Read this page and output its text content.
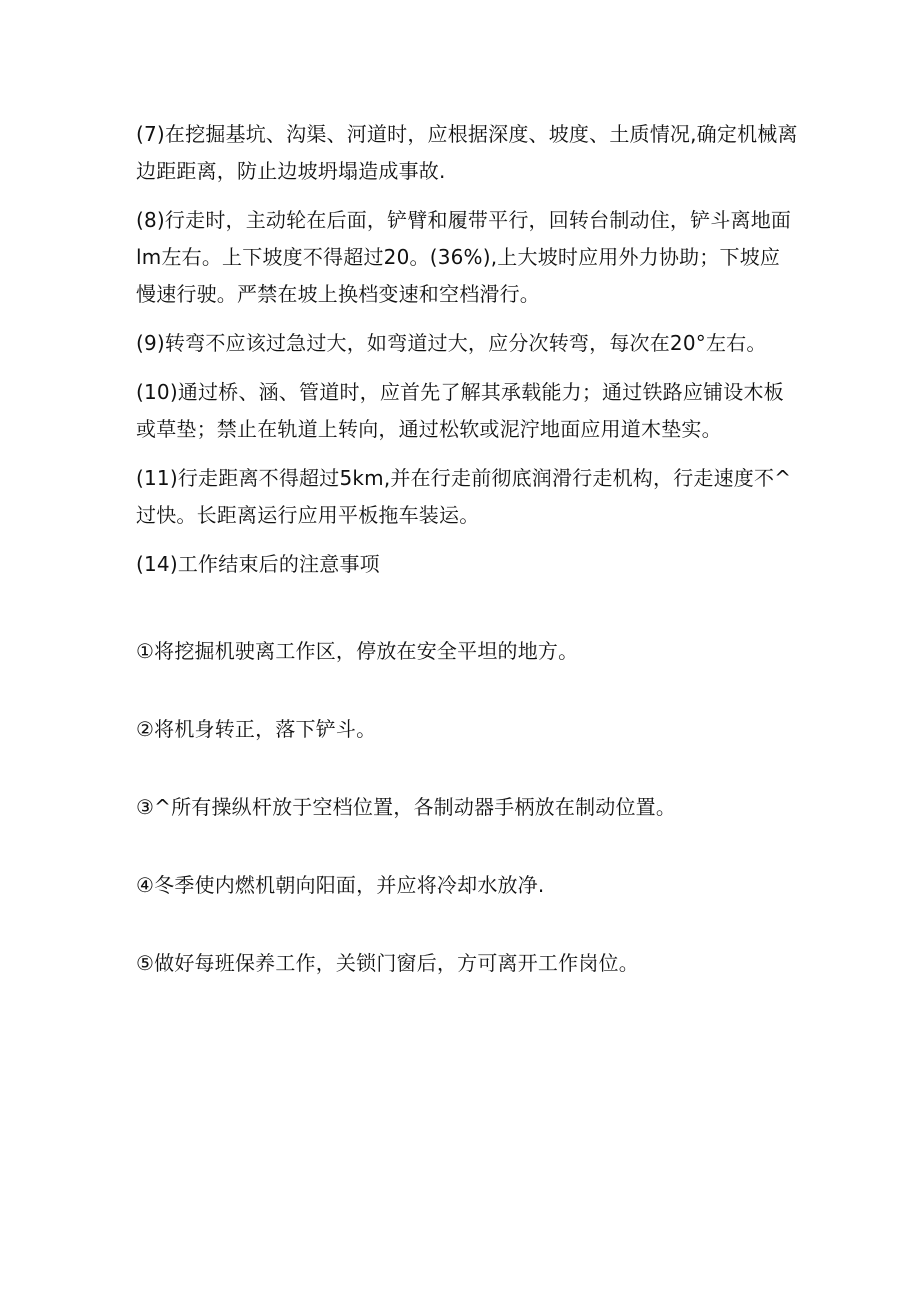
(7)在挖掘基坑、沟渠、河道时，应根据深度、坡度、土质情况,确定机械离
边距距离，防止边坡坍塌造成事故.
(8)行走时，主动轮在后面，铲臂和履带平行，回转台制动住，铲斗离地面
lm左右。上下坡度不得超过20。(36%),上大坡时应用外力协助；下坡应
慢速行驶。严禁在坡上换档变速和空档滑行。
(9)转弯不应该过急过大，如弯道过大，应分次转弯，每次在20°左右。
(10)通过桥、涵、管道时，应首先了解其承载能力；通过铁路应铺设木板
或草垫；禁止在轨道上转向，通过松软或泥泞地面应用道木垫实。
(11)行走距离不得超过5km,并在行走前彻底润滑行走机构，行走速度不^
过快。长距离运行应用平板拖车装运。
(14)工作结束后的注意事项
①将挖掘机驶离工作区，停放在安全平坦的地方。
②将机身转正，落下铲斗。
③^所有操纵杆放于空档位置，各制动器手柄放在制动位置。
④冬季使内燃机朝向阳面，并应将冷却水放净.
⑤做好每班保养工作，关锁门窗后，方可离开工作岗位。
